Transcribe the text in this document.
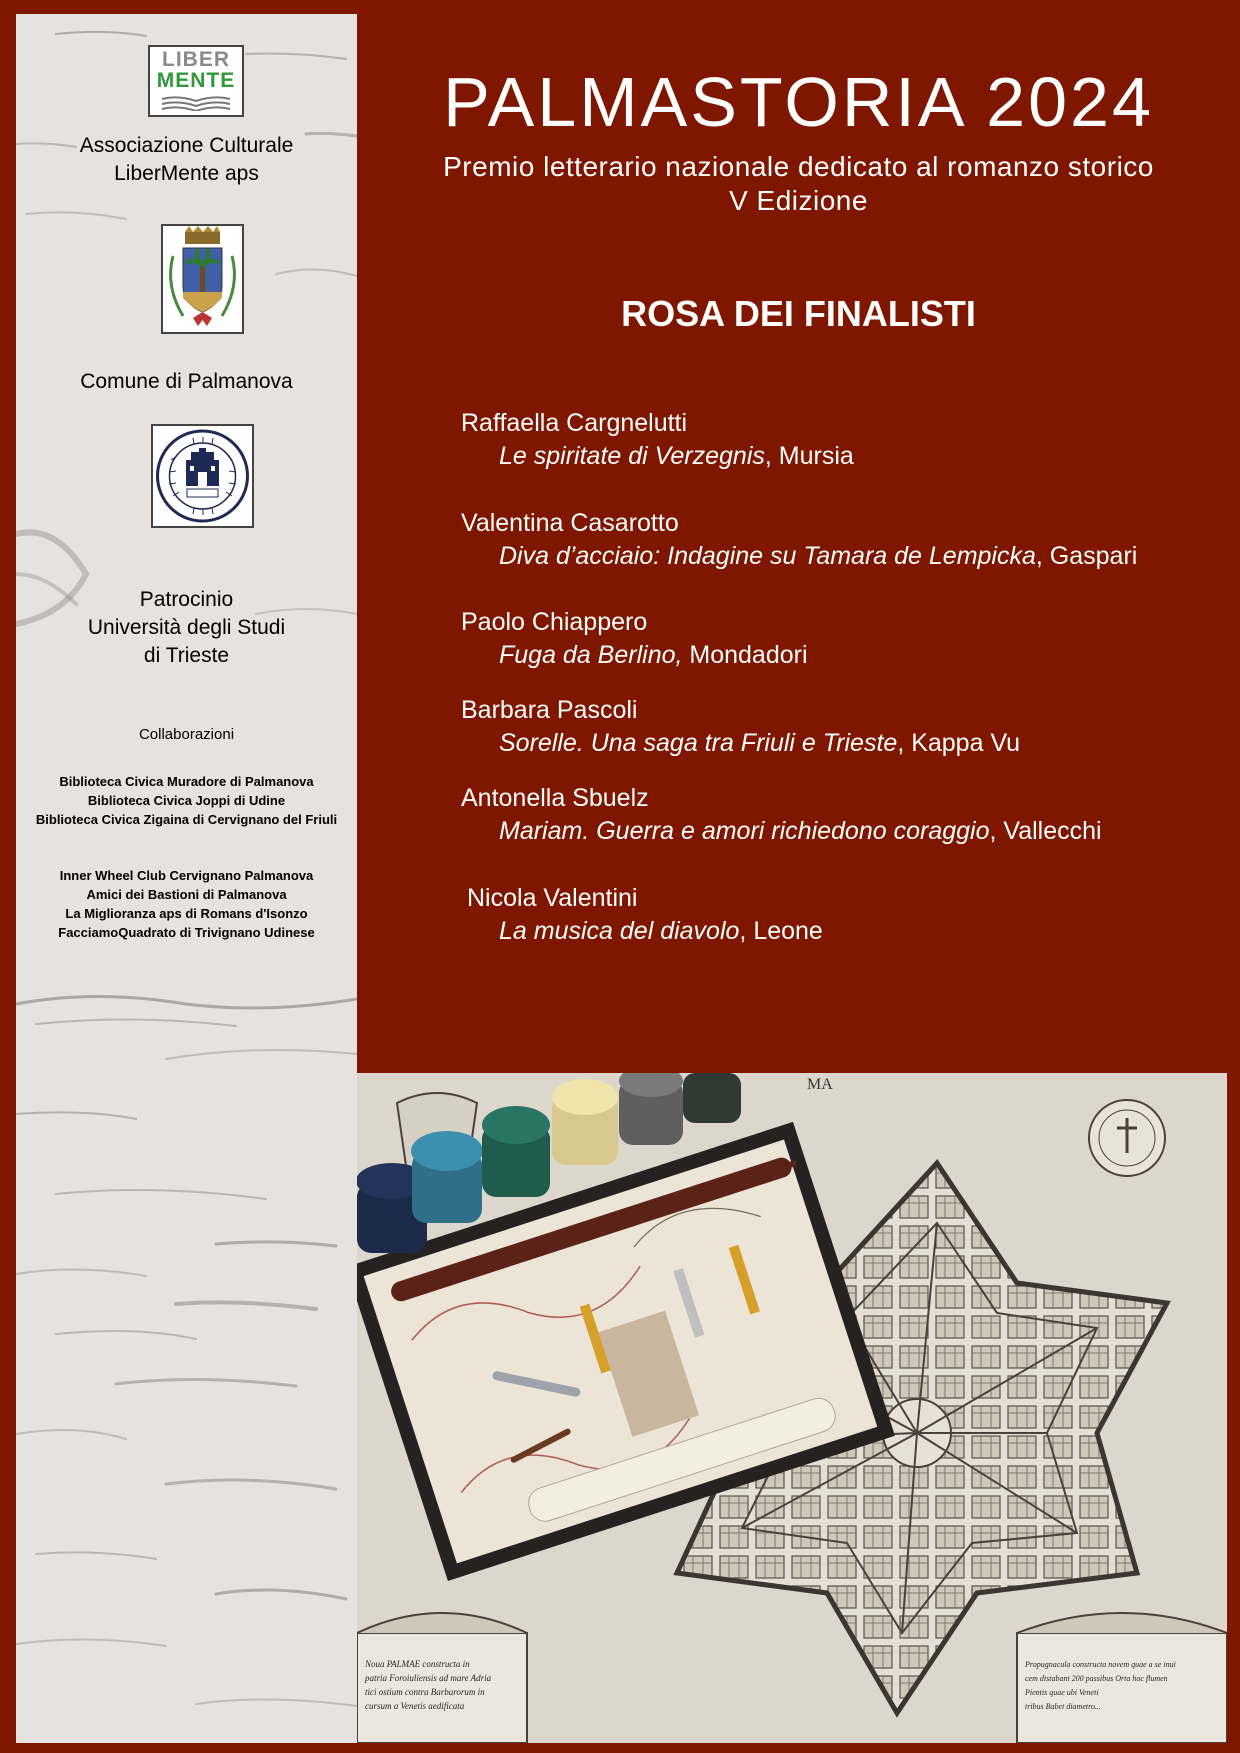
LIBER
MENTE
Associazione Culturale
LiberMente aps
Comune di Palmanova
Patrocinio
Università degli Studi
di Trieste
Collaborazioni
Biblioteca Civica Muradore di Palmanova
Biblioteca Civica Joppi di Udine
Biblioteca Civica Zigaina di Cervignano del Friuli
Inner Wheel Club Cervignano Palmanova
Amici dei Bastioni di Palmanova
La Miglioranza aps di Romans d'Isonzo
FacciamoQuadrato di Trivignano Udinese
PALMASTORIA 2024
Premio letterario nazionale dedicato al romanzo storico
V Edizione
ROSA DEI FINALISTI
Raffaella Cargnelutti
Le spiritate di Verzegnis, Mursia
Valentina Casarotto
Diva d’acciaio: Indagine su Tamara de Lempicka, Gaspari
Paolo Chiappero
Fuga da Berlino, Mondadori
Barbara Pascoli
Sorelle. Una saga tra Friuli e Trieste, Kappa Vu
Antonella Sbuelz
Mariam. Guerra e amori richiedono coraggio, Vallecchi
Nicola Valentini
La musica del diavolo, Leone
MA
Noua PALMAE constructa in
patria Foroiuliensis ad mare Adria
tici ostium contra Barbarorum in
cursum a Venetis aedificata
Propugnacula constructa novem quae a se inui
cem distabant 200 passibus Orta hoc flumen
Pientis quae ubi Veneti
tribus Babet diametro...
